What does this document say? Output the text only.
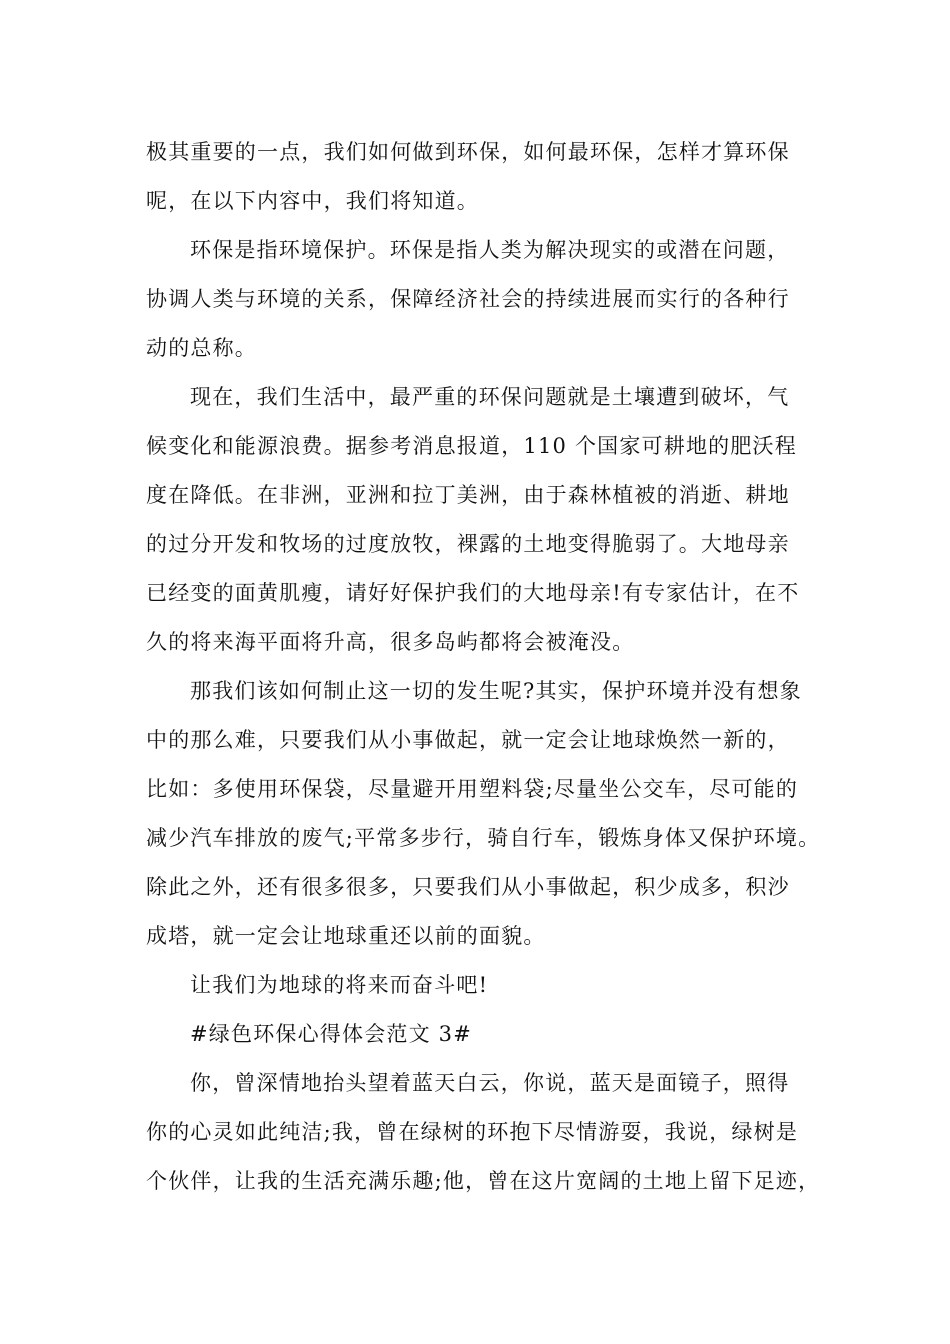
极其重要的一点，我们如何做到环保，如何最环保，怎样才算环保
呢，在以下内容中，我们将知道。
环保是指环境保护。环保是指人类为解决现实的或潜在问题，
协调人类与环境的关系，保障经济社会的持续进展而实行的各种行
动的总称。
现在，我们生活中，最严重的环保问题就是土壤遭到破坏，气
候变化和能源浪费。据参考消息报道，110 个国家可耕地的肥沃程
度在降低。在非洲，亚洲和拉丁美洲，由于森林植被的消逝、耕地
的过分开发和牧场的过度放牧，裸露的土地变得脆弱了。大地母亲
已经变的面黄肌瘦，请好好保护我们的大地母亲!有专家估计，在不
久的将来海平面将升高，很多岛屿都将会被淹没。
那我们该如何制止这一切的发生呢?其实，保护环境并没有想象
中的那么难，只要我们从小事做起，就一定会让地球焕然一新的，
比如：多使用环保袋，尽量避开用塑料袋;尽量坐公交车，尽可能的
减少汽车排放的废气;平常多步行，骑自行车，锻炼身体又保护环境。
除此之外，还有很多很多，只要我们从小事做起，积少成多，积沙
成塔，就一定会让地球重还以前的面貌。
让我们为地球的将来而奋斗吧!
#绿色环保心得体会范文 3#
你，曾深情地抬头望着蓝天白云，你说，蓝天是面镜子，照得
你的心灵如此纯洁;我，曾在绿树的环抱下尽情游耍，我说，绿树是
个伙伴，让我的生活充满乐趣;他，曾在这片宽阔的土地上留下足迹，
